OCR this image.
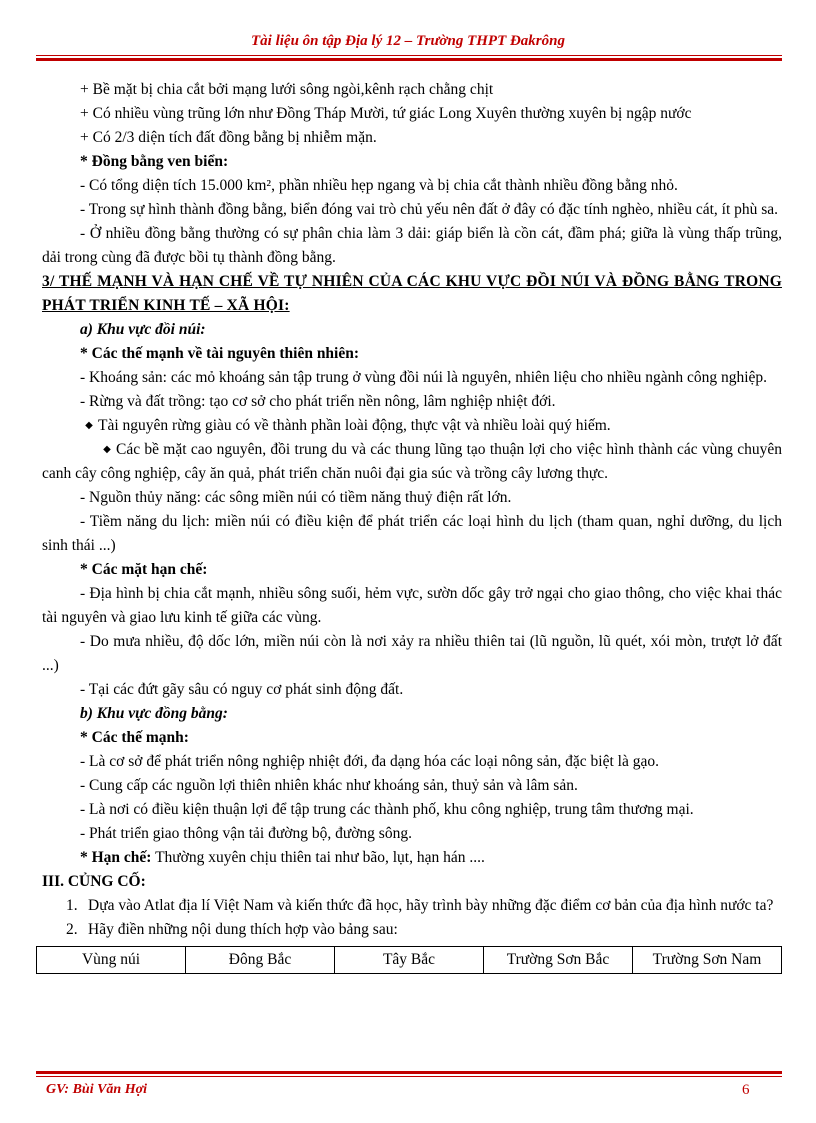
Tài liệu ôn tập Địa lý 12 – Trường THPT Đakrông

+ Bề mặt bị chia cắt bởi mạng lưới sông ngòi,kênh rạch chằng chịt

+ Có nhiều vùng trũng lớn như Đồng Tháp Mười, tứ giác Long Xuyên thường xuyên bị ngập nước

+ Có 2/3 diện tích đất đồng bằng bị nhiễm mặn.

* Đồng bằng ven biển:

- Có tổng diện tích 15.000 km², phần nhiều hẹp ngang và bị chia cắt thành nhiều đồng bằng nhỏ.

- Trong sự hình thành đồng bằng, biển đóng vai trò chủ yếu nên đất ở đây có đặc tính nghèo, nhiều cát, ít phù sa.

- Ở nhiều đồng bằng thường có sự phân chia làm 3 dải: giáp biển là cồn cát, đầm phá; giữa là vùng thấp trũng, dải trong cùng đã được bồi tụ thành đồng bằng.

3/ THẾ MẠNH VÀ HẠN CHẾ VỀ TỰ NHIÊN CỦA CÁC KHU VỰC ĐỒI NÚI VÀ ĐỒNG BẰNG TRONG PHÁT TRIỂN KINH TẾ – XÃ HỘI:

a) Khu vực đồi núi:

* Các thế mạnh về tài nguyên thiên nhiên:

- Khoáng sản: các mỏ khoáng sản tập trung ở vùng đồi núi là nguyên, nhiên liệu cho nhiều ngành công nghiệp.

- Rừng và đất trồng: tạo cơ sở cho phát triển nền nông, lâm nghiệp nhiệt đới.

◆ Tài nguyên rừng giàu có về thành phần loài động, thực vật và nhiều loài quý hiếm.

◆ Các bề mặt cao nguyên, đồi trung du và các thung lũng tạo thuận lợi cho việc hình thành các vùng chuyên canh cây công nghiệp, cây ăn quả, phát triển chăn nuôi đại gia súc và trồng cây lương thực.

- Nguồn thủy năng: các sông miền núi có tiềm năng thuỷ điện rất lớn.

- Tiềm năng du lịch: miền núi có điều kiện để phát triển các loại hình du lịch (tham quan, nghỉ dưỡng, du lịch sinh thái ...)

* Các mặt hạn chế:

- Địa hình bị chia cắt mạnh, nhiều sông suối, hẻm vực, sườn dốc gây trở ngại cho giao thông, cho việc khai thác tài nguyên và giao lưu kinh tế giữa các vùng.

- Do mưa nhiều, độ dốc lớn, miền núi còn là nơi xảy ra nhiều thiên tai (lũ nguồn, lũ quét, xói mòn, trượt lở đất ...)

- Tại các đứt gãy sâu có nguy cơ phát sinh động đất.

b) Khu vực đồng bằng:

* Các thế mạnh:

- Là cơ sở để phát triển nông nghiệp nhiệt đới, đa dạng hóa các loại nông sản, đặc biệt là gạo.

- Cung cấp các nguồn lợi thiên nhiên khác như khoáng sản, thuỷ sản và lâm sản.

- Là nơi có điều kiện thuận lợi để tập trung các thành phố, khu công nghiệp, trung tâm thương mại.

- Phát triển giao thông vận tải đường bộ, đường sông.

* Hạn chế: Thường xuyên chịu thiên tai như bão, lụt, hạn hán ....

III. CỦNG CỐ:

1. Dựa vào Atlat địa lí Việt Nam và kiến thức đã học, hãy trình bày những đặc điểm cơ bản của địa hình nước ta?

2. Hãy điền những nội dung thích hợp vào bảng sau:

Vùng núi	Đông Bắc	Tây Bắc	Trường Sơn Bắc	Trường Sơn Nam
GV: Bùi Văn Hợi	6
